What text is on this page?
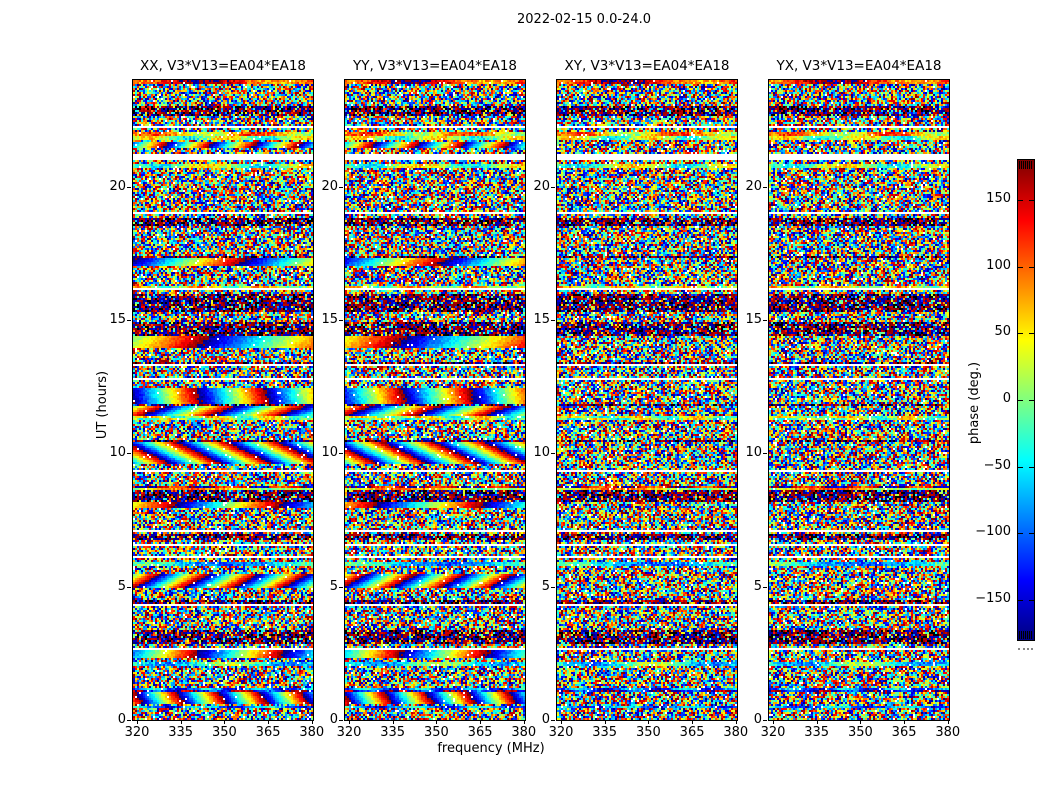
2022-02-15 0.0-24.0
XX, V3*V13=EA04*EA18
320	335	350	365	380
0
5
10
15
20
YY, V3*V13=EA04*EA18
320	335	350	365	380
0
5
10
15
20
XY, V3*V13=EA04*EA18
320	335	350	365	380
0
5
10
15
20
YX, V3*V13=EA04*EA18
320	335	350	365	380
0
5
10
15
20
frequency (MHz)
UT (hours)	phase (deg.)
150
100
50
0
−50
−100
−150
